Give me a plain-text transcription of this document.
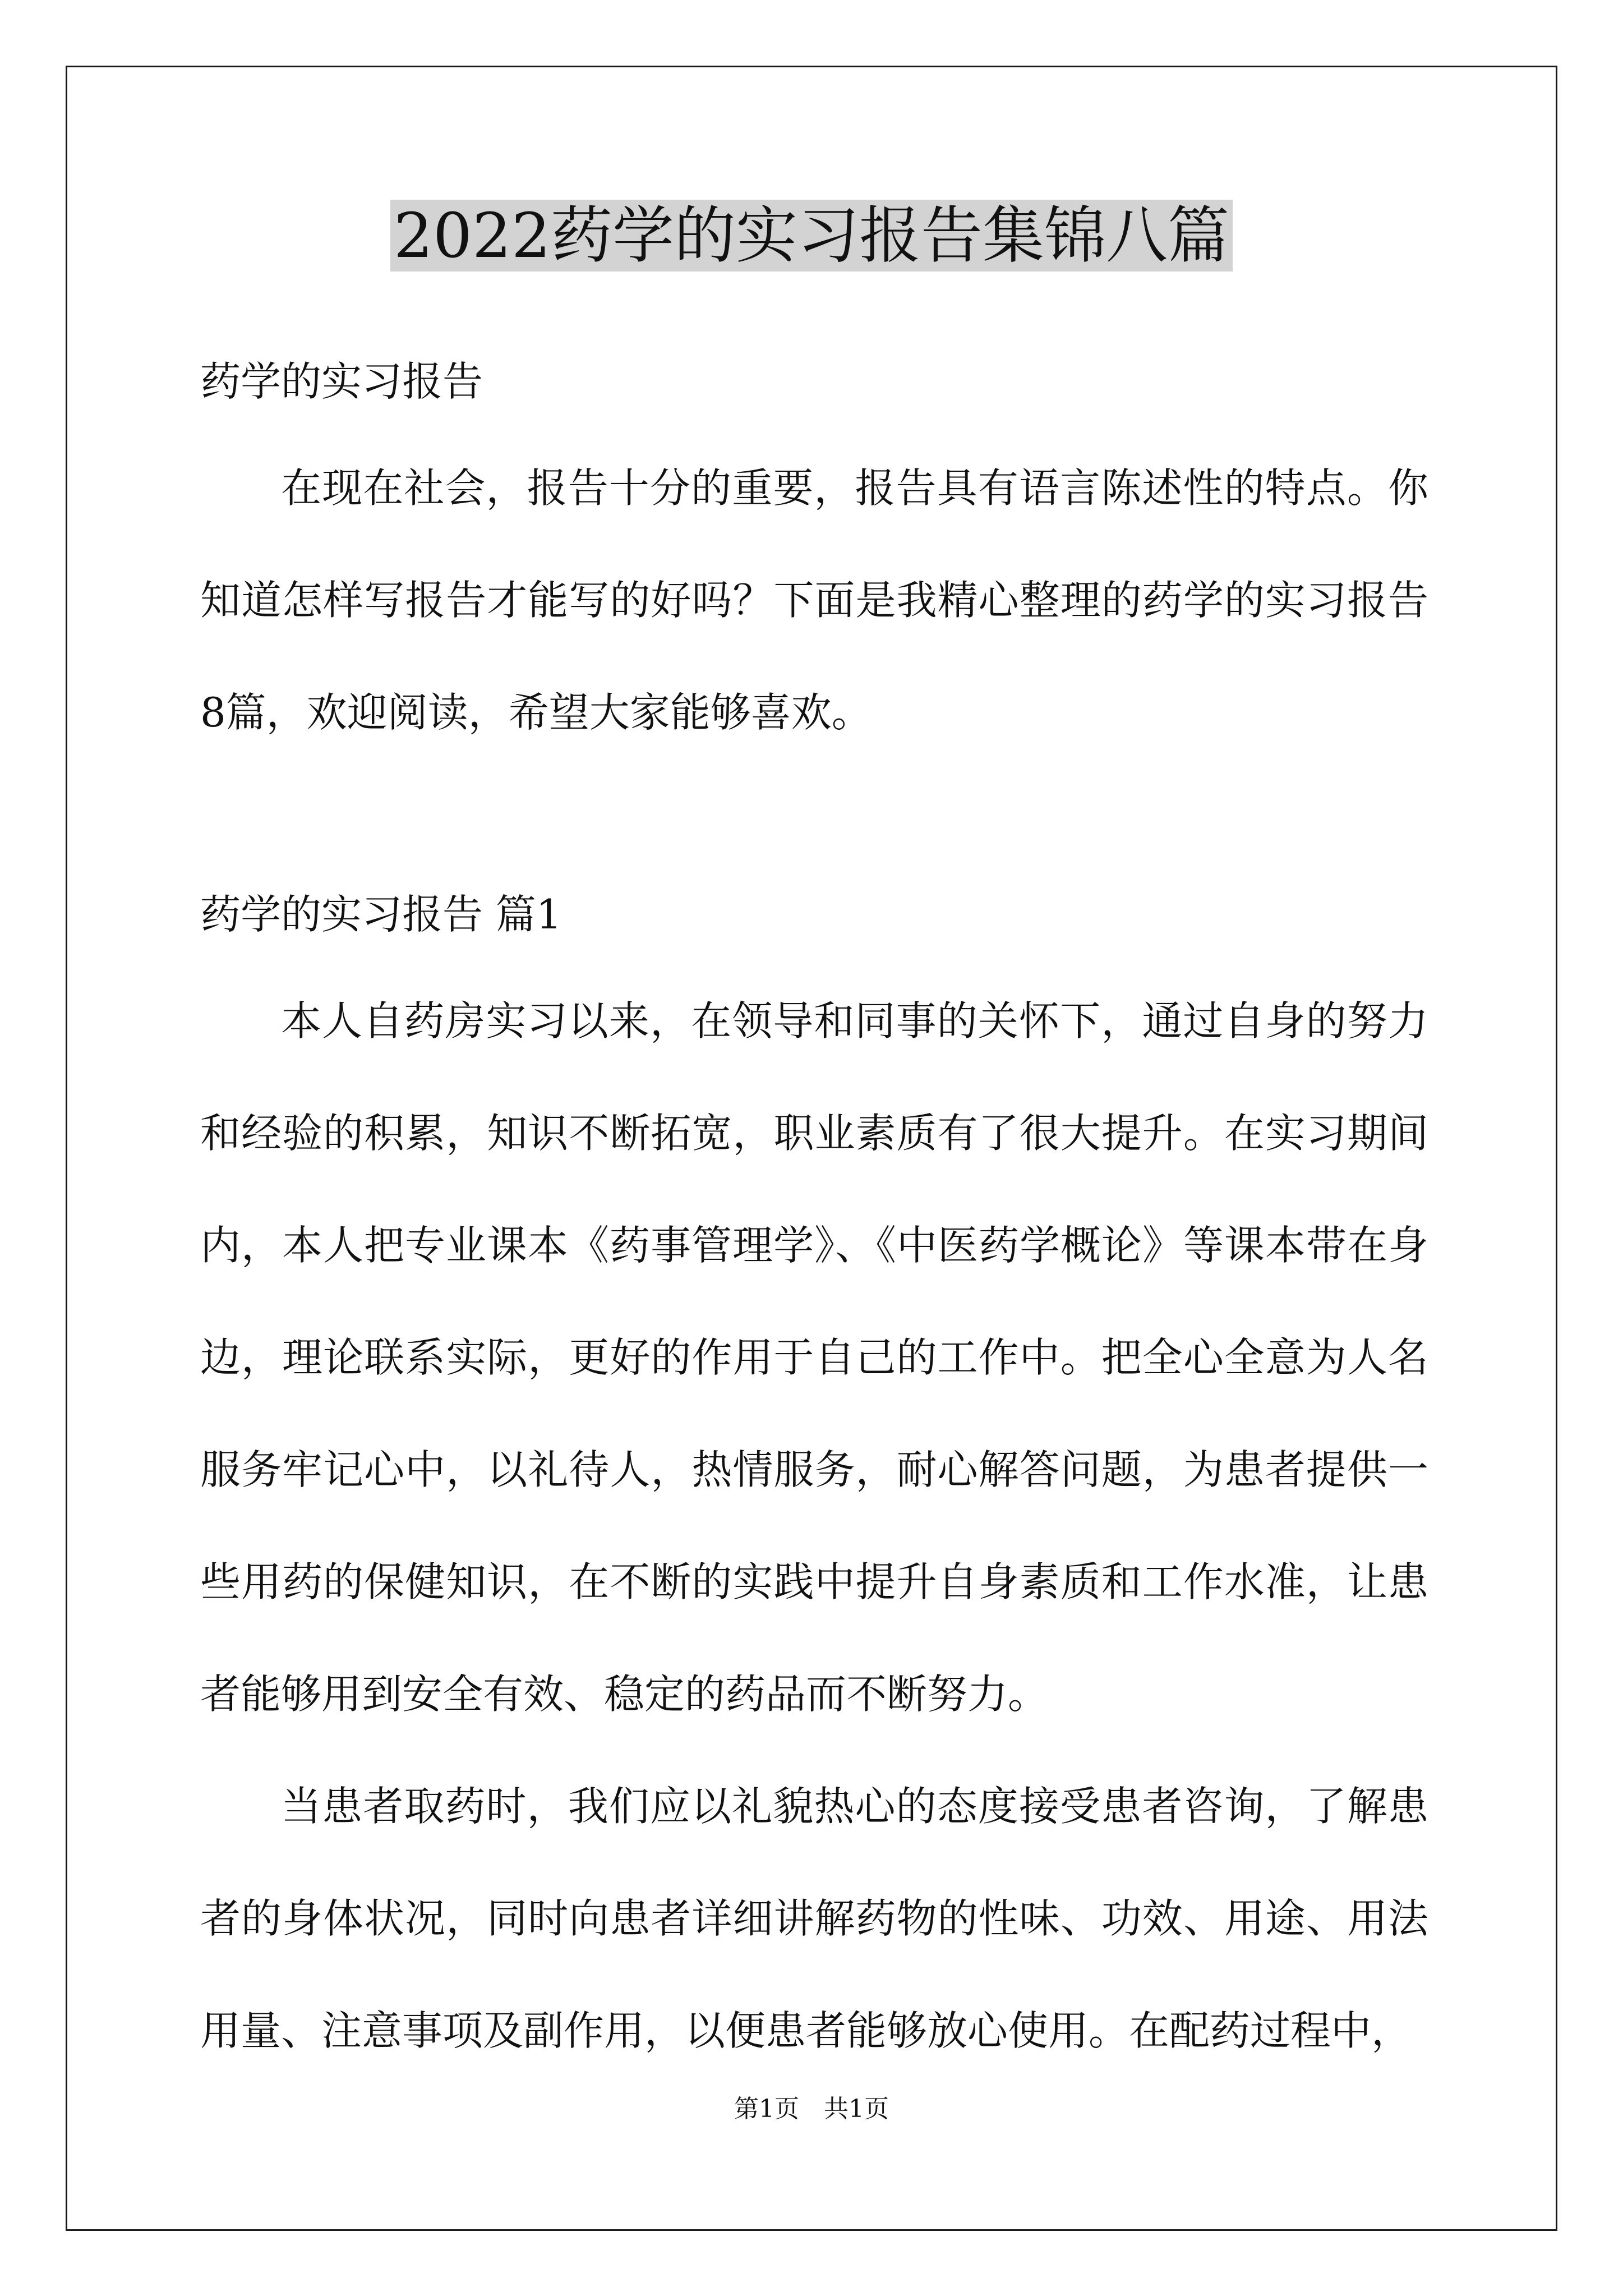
2022药学的实习报告集锦八篇

药学的实习报告

在现在社会，报告十分的重要，报告具有语言陈述性的特点。你知道怎样写报告才能写的好吗？下面是我精心整理的药学的实习报告8篇，欢迎阅读，希望大家能够喜欢。

药学的实习报告 篇1

本人自药房实习以来，在领导和同事的关怀下，通过自身的努力和经验的积累，知识不断拓宽，职业素质有了很大提升。在实习期间内，本人把专业课本《药事管理学》、《中医药学概论》等课本带在身边，理论联系实际，更好的作用于自己的工作中。把全心全意为人名服务牢记心中，以礼待人，热情服务，耐心解答问题，为患者提供一些用药的保健知识，在不断的实践中提升自身素质和工作水准，让患者能够用到安全有效、稳定的药品而不断努力。

当患者取药时，我们应以礼貌热心的态度接受患者咨询，了解患者的身体状况，同时向患者详细讲解药物的性味、功效、用途、用法用量、注意事项及副作用，以便患者能够放心使用。在配药过程中，

第1页　共1页
